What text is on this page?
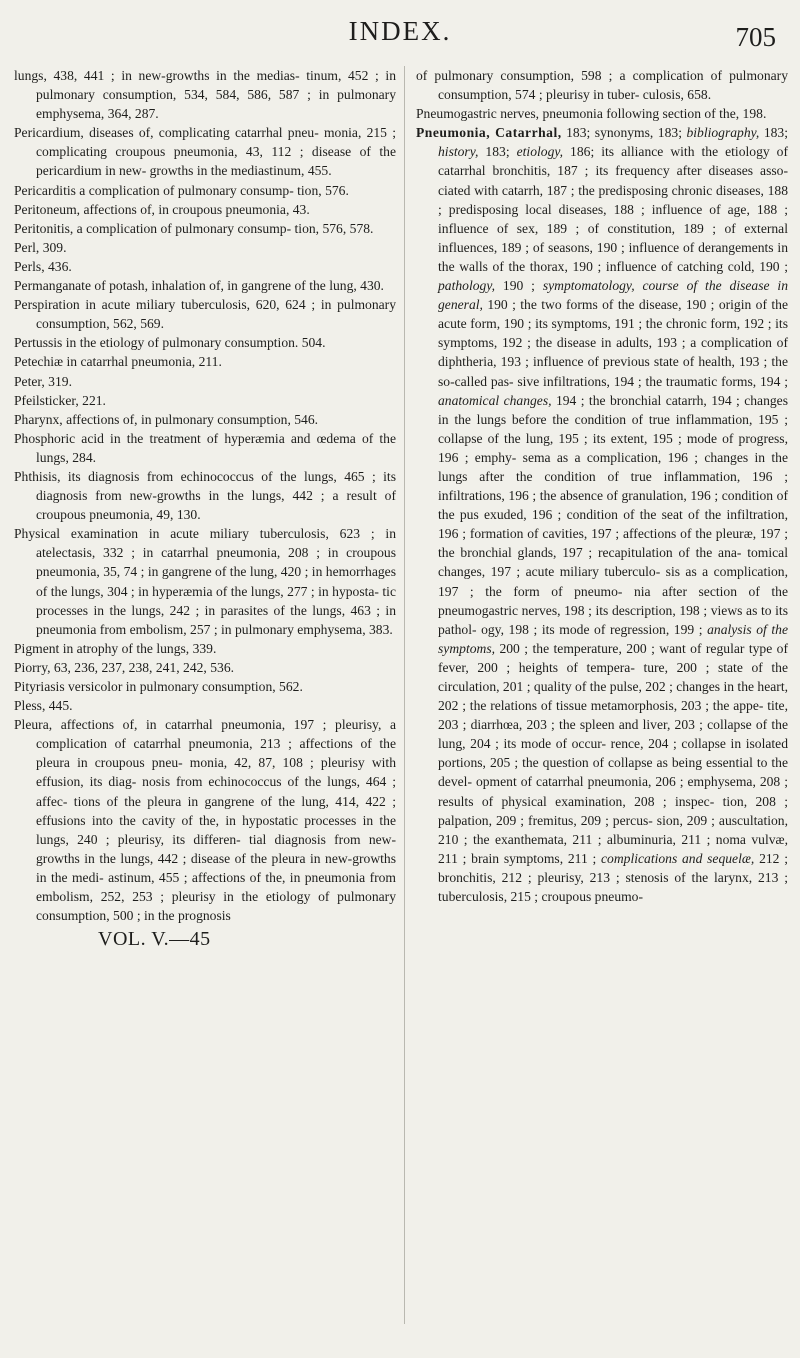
INDEX.	705

lungs, 438, 441 ; in new-growths in the medias- tinum, 452 ; in pulmonary consumption, 534, 584, 586, 587 ; in pulmonary emphysema, 364, 287.

Pericardium, diseases of, complicating catarrhal pneu- monia, 215 ; complicating croupous pneumonia, 43, 112 ; disease of the pericardium in new- growths in the mediastinum, 455.

Pericarditis a complication of pulmonary consump- tion, 576.

Peritoneum, affections of, in croupous pneumonia, 43.

Peritonitis, a complication of pulmonary consump- tion, 576, 578.

Perl, 309.

Perls, 436.

Permanganate of potash, inhalation of, in gangrene of the lung, 430.

Perspiration in acute miliary tuberculosis, 620, 624 ; in pulmonary consumption, 562, 569.

Pertussis in the etiology of pulmonary consumption. 504.

Petechiæ in catarrhal pneumonia, 211.

Peter, 319.

Pfeilsticker, 221.

Pharynx, affections of, in pulmonary consumption, 546.

Phosphoric acid in the treatment of hyperæmia and œdema of the lungs, 284.

Phthisis, its diagnosis from echinococcus of the lungs, 465 ; its diagnosis from new-growths in the lungs, 442 ; a result of croupous pneumonia, 49, 130.

Physical examination in acute miliary tuberculosis, 623 ; in atelectasis, 332 ; in catarrhal pneumonia, 208 ; in croupous pneumonia, 35, 74 ; in gangrene of the lung, 420 ; in hemorrhages of the lungs, 304 ; in hyperæmia of the lungs, 277 ; in hyposta- tic processes in the lungs, 242 ; in parasites of the lungs, 463 ; in pneumonia from embolism, 257 ; in pulmonary emphysema, 383.

Pigment in atrophy of the lungs, 339.

Piorry, 63, 236, 237, 238, 241, 242, 536.

Pityriasis versicolor in pulmonary consumption, 562.

Pless, 445.

Pleura, affections of, in catarrhal pneumonia, 197 ; pleurisy, a complication of catarrhal pneumonia, 213 ; affections of the pleura in croupous pneu- monia, 42, 87, 108 ; pleurisy with effusion, its diag- nosis from echinococcus of the lungs, 464 ; affec- tions of the pleura in gangrene of the lung, 414, 422 ; effusions into the cavity of the, in hypostatic processes in the lungs, 240 ; pleurisy, its differen- tial diagnosis from new-growths in the lungs, 442 ; disease of the pleura in new-growths in the medi- astinum, 455 ; affections of the, in pneumonia from embolism, 252, 253 ; pleurisy in the etiology of pulmonary consumption, 500 ; in the prognosis

VOL. V.—45

of pulmonary consumption, 598 ; a complication of pulmonary consumption, 574 ; pleurisy in tuber- culosis, 658.

Pneumogastric nerves, pneumonia following section of the, 198.

Pneumonia, Catarrhal, 183; synonyms, 183; bibliography, 183; history, 183; etiology, 186; its alliance with the etiology of catarrhal bronchitis, 187 ; its frequency after diseases asso- ciated with catarrh, 187 ; the predisposing chronic diseases, 188 ; predisposing local diseases, 188 ; influence of age, 188 ; influence of sex, 189 ; of constitution, 189 ; of external influences, 189 ; of seasons, 190 ; influence of derangements in the walls of the thorax, 190 ; influence of catching cold, 190 ; pathology, 190 ; symptomatology, course of the disease in general, 190 ; the two forms of the disease, 190 ; origin of the acute form, 190 ; its symptoms, 191 ; the chronic form, 192 ; its symptoms, 192 ; the disease in adults, 193 ; a complication of diphtheria, 193 ; influence of previous state of health, 193 ; the so-called pas- sive infiltrations, 194 ; the traumatic forms, 194 ; anatomical changes, 194 ; the bronchial catarrh, 194 ; changes in the lungs before the condition of true inflammation, 195 ; collapse of the lung, 195 ; its extent, 195 ; mode of progress, 196 ; emphy- sema as a complication, 196 ; changes in the lungs after the condition of true inflammation, 196 ; infiltrations, 196 ; the absence of granulation, 196 ; condition of the pus exuded, 196 ; condition of the seat of the infiltration, 196 ; formation of cavities, 197 ; affections of the pleuræ, 197 ; the bronchial glands, 197 ; recapitulation of the ana- tomical changes, 197 ; acute miliary tuberculo- sis as a complication, 197 ; the form of pneumo- nia after section of the pneumogastric nerves, 198 ; its description, 198 ; views as to its pathol- ogy, 198 ; its mode of regression, 199 ; analysis of the symptoms, 200 ; the temperature, 200 ; want of regular type of fever, 200 ; heights of tempera- ture, 200 ; state of the circulation, 201 ; quality of the pulse, 202 ; changes in the heart, 202 ; the relations of tissue metamorphosis, 203 ; the appe- tite, 203 ; diarrhœa, 203 ; the spleen and liver, 203 ; collapse of the lung, 204 ; its mode of occur- rence, 204 ; collapse in isolated portions, 205 ; the question of collapse as being essential to the devel- opment of catarrhal pneumonia, 206 ; emphysema, 208 ; results of physical examination, 208 ; inspec- tion, 208 ; palpation, 209 ; fremitus, 209 ; percus- sion, 209 ; auscultation, 210 ; the exanthemata, 211 ; albuminuria, 211 ; noma vulvæ, 211 ; brain symptoms, 211 ; complications and sequelæ, 212 ; bronchitis, 212 ; pleurisy, 213 ; stenosis of the larynx, 213 ; tuberculosis, 215 ; croupous pneumo-
